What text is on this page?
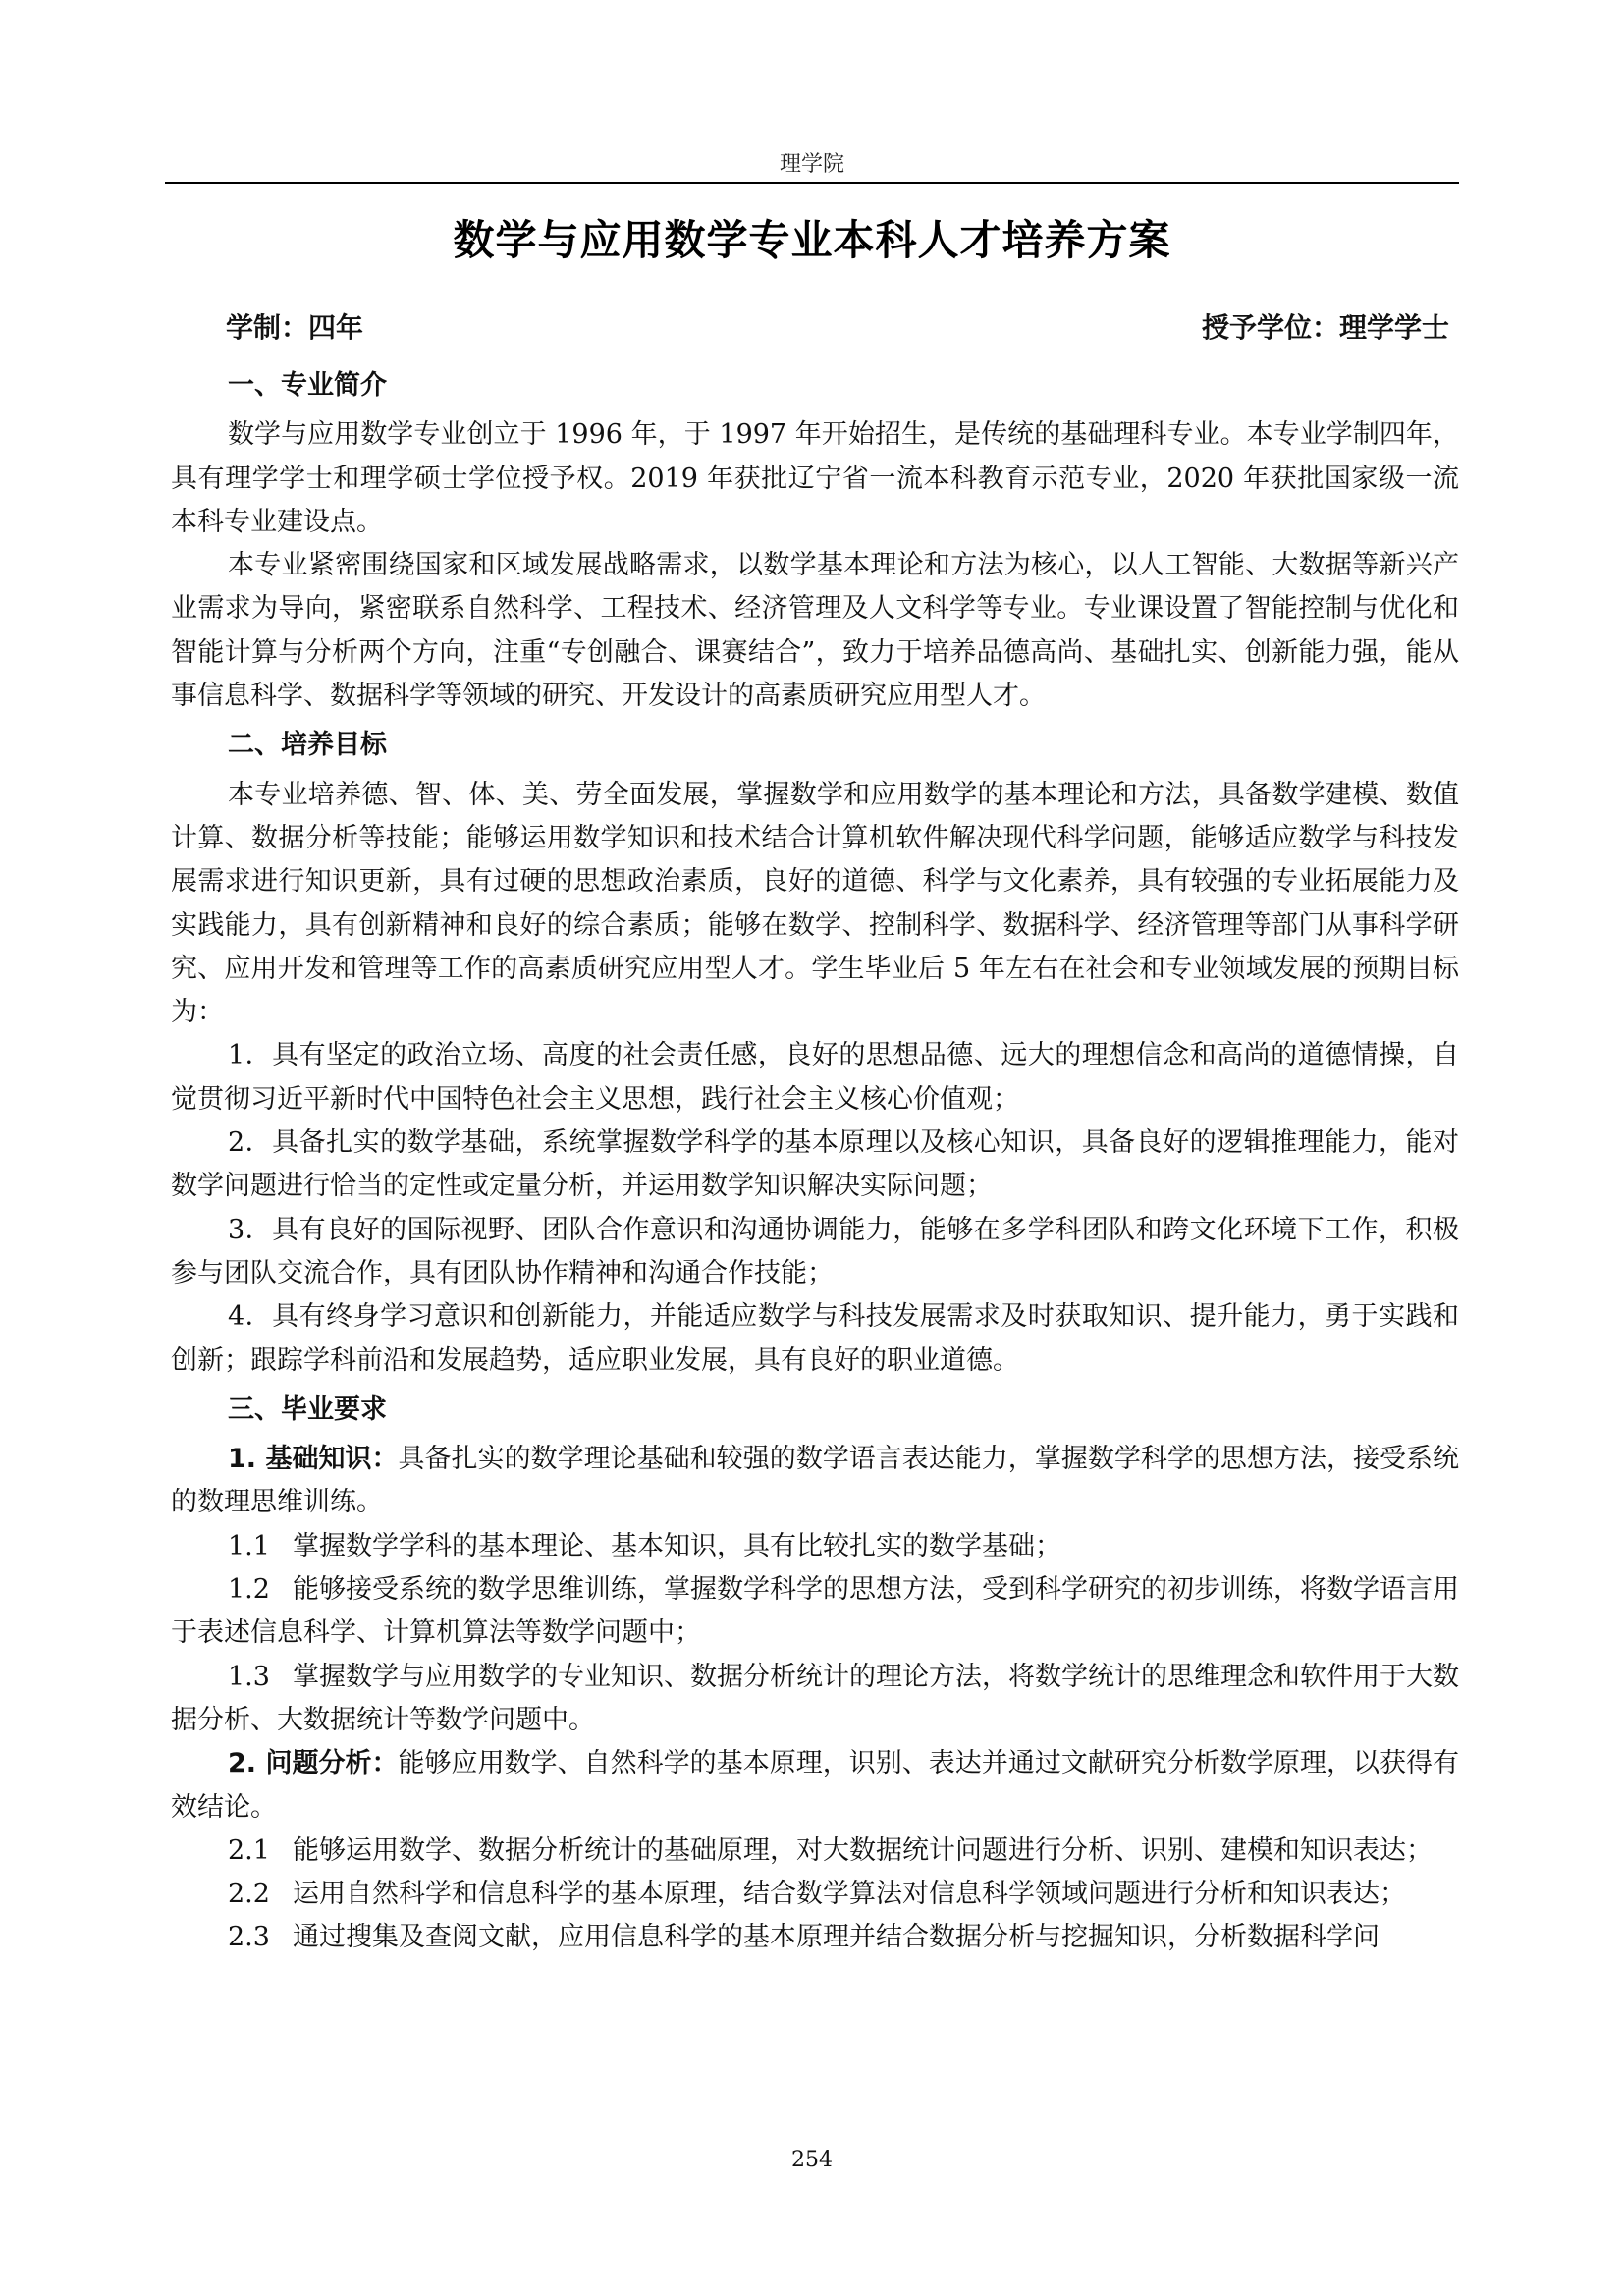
理学院
数学与应用数学专业本科人才培养方案
学制：四年	授予学位：理学学士

一、专业简介

数学与应用数学专业创立于 1996 年，于 1997 年开始招生，是传统的基础理科专业。本专业学制四年，具有理学学士和理学硕士学位授予权。2019 年获批辽宁省一流本科教育示范专业，2020 年获批国家级一流本科专业建设点。

本专业紧密围绕国家和区域发展战略需求，以数学基本理论和方法为核心，以人工智能、大数据等新兴产业需求为导向，紧密联系自然科学、工程技术、经济管理及人文科学等专业。专业课设置了智能控制与优化和智能计算与分析两个方向，注重“专创融合、课赛结合”，致力于培养品德高尚、基础扎实、创新能力强，能从事信息科学、数据科学等领域的研究、开发设计的高素质研究应用型人才。

二、培养目标

本专业培养德、智、体、美、劳全面发展，掌握数学和应用数学的基本理论和方法，具备数学建模、数值计算、数据分析等技能；能够运用数学知识和技术结合计算机软件解决现代科学问题，能够适应数学与科技发展需求进行知识更新，具有过硬的思想政治素质，良好的道德、科学与文化素养，具有较强的专业拓展能力及实践能力，具有创新精神和良好的综合素质；能够在数学、控制科学、数据科学、经济管理等部门从事科学研究、应用开发和管理等工作的高素质研究应用型人才。学生毕业后 5 年左右在社会和专业领域发展的预期目标为：

1．具有坚定的政治立场、高度的社会责任感，良好的思想品德、远大的理想信念和高尚的道德情操，自觉贯彻习近平新时代中国特色社会主义思想，践行社会主义核心价值观；

2．具备扎实的数学基础，系统掌握数学科学的基本原理以及核心知识，具备良好的逻辑推理能力，能对数学问题进行恰当的定性或定量分析，并运用数学知识解决实际问题；

3．具有良好的国际视野、团队合作意识和沟通协调能力，能够在多学科团队和跨文化环境下工作，积极参与团队交流合作，具有团队协作精神和沟通合作技能；

4．具有终身学习意识和创新能力，并能适应数学与科技发展需求及时获取知识、提升能力，勇于实践和创新；跟踪学科前沿和发展趋势，适应职业发展，具有良好的职业道德。

三、毕业要求

1. 基础知识：具备扎实的数学理论基础和较强的数学语言表达能力，掌握数学科学的思想方法，接受系统的数理思维训练。

1.1 掌握数学学科的基本理论、基本知识，具有比较扎实的数学基础；

1.2 能够接受系统的数学思维训练，掌握数学科学的思想方法，受到科学研究的初步训练，将数学语言用于表述信息科学、计算机算法等数学问题中；

1.3 掌握数学与应用数学的专业知识、数据分析统计的理论方法，将数学统计的思维理念和软件用于大数据分析、大数据统计等数学问题中。

2. 问题分析：能够应用数学、自然科学的基本原理，识别、表达并通过文献研究分析数学原理，以获得有效结论。

2.1 能够运用数学、数据分析统计的基础原理，对大数据统计问题进行分析、识别、建模和知识表达；

2.2 运用自然科学和信息科学的基本原理，结合数学算法对信息科学领域问题进行分析和知识表达；

2.3 通过搜集及查阅文献，应用信息科学的基本原理并结合数据分析与挖掘知识，分析数据科学问

254
